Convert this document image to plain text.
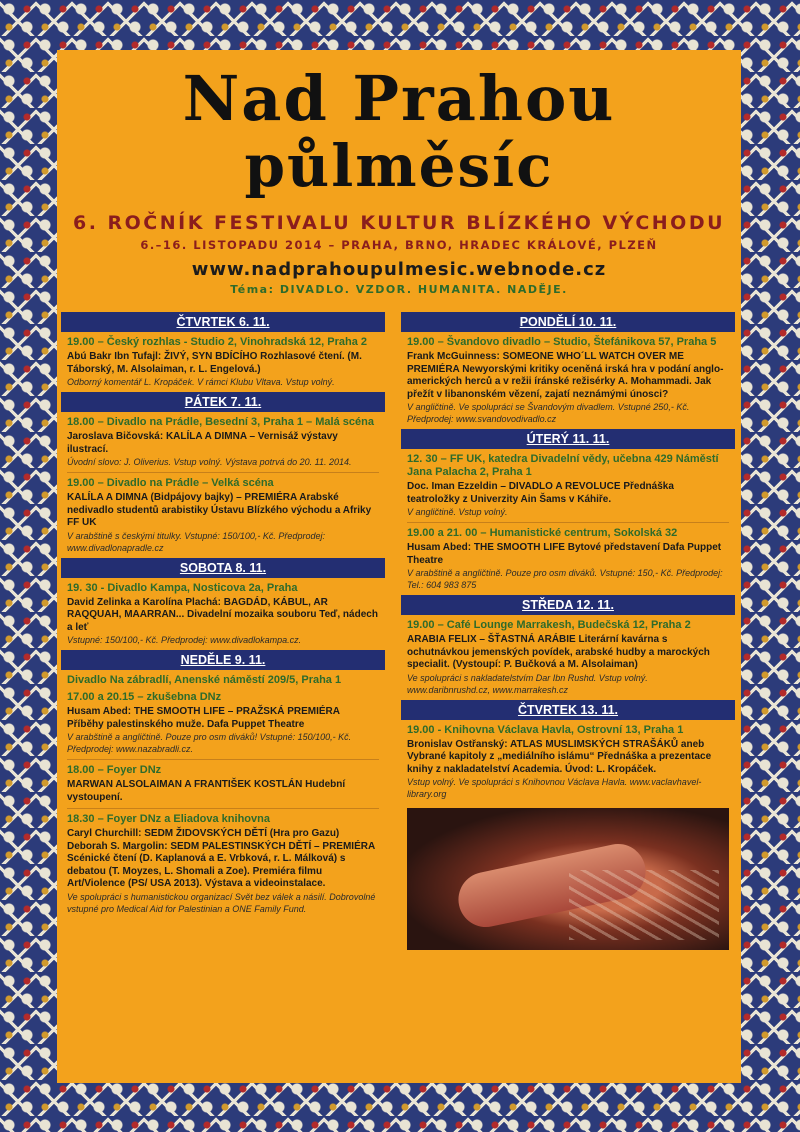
Nad Prahou
půlměsíc
6. ROČNÍK FESTIVALU KULTUR BLÍZKÉHO VÝCHODU
6.–16. LISTOPADU 2014 – PRAHA, BRNO, HRADEC KRÁLOVÉ, PLZEŇ
www.nadprahoupulmesic.webnode.cz
Téma: DIVADLO. VZDOR. HUMANITA. NADĚJE.
ČTVRTEK 6. 11.
19.00 – Český rozhlas - Studio 2, Vinohradská 12, Praha 2
Abú Bakr Ibn Tufajl: ŽIVÝ, SYN BDÍCÍHO Rozhlasové čtení. (M. Táborský, M. Alsolaiman, r. L. Engelová.)
Odborný komentář L. Kropáček. V rámci Klubu Vltava. Vstup volný.
PÁTEK 7. 11.
18.00 – Divadlo na Prádle, Besední 3, Praha 1 – Malá scéna
Jaroslava Bičovská: KALÍLA A DIMNA – Vernisáž výstavy ilustrací.
Úvodní slovo: J. Oliverius. Vstup volný. Výstava potrvá do 20. 11. 2014.
19.00 – Divadlo na Prádle – Velká scéna
KALÍLA A DIMNA (Bidpájovy bajky) – PREMIÉRA Arabské nedivadlo studentů arabistiky Ústavu Blízkého východu a Afriky FF UK
V arabštině s českými titulky. Vstupné: 150/100,- Kč. Předprodej: www.divadlonapradle.cz
SOBOTA 8. 11.
19. 30 - Divadlo Kampa, Nosticova 2a, Praha
David Zelinka a Karolína Plachá: BAGDÁD, KÁBUL, AR RAQQUAH, MAARRAN... Divadelní mozaika souboru Teď, nádech a leť
Vstupné: 150/100,- Kč. Předprodej: www.divadlokampa.cz.
NEDĚLE 9. 11.
Divadlo Na zábradlí, Anenské náměstí 209/5, Praha 1
17.00 a 20.15 – zkušebna DNz
Husam Abed: THE SMOOTH LIFE – PRAŽSKÁ PREMIÉRA Příběhy palestinského muže. Dafa Puppet Theatre
V arabštině a angličtině. Pouze pro osm diváků! Vstupné: 150/100,- Kč. Předprodej: www.nazabradli.cz.
18.00 – Foyer DNz
MARWAN ALSOLAIMAN A FRANTIŠEK KOSTLÁN Hudební vystoupení.
18.30 – Foyer DNz a Eliadova knihovna
Caryl Churchill: SEDM ŽIDOVSKÝCH DĚTÍ (Hra pro Gazu) Deborah S. Margolin: SEDM PALESTINSKÝCH DĚTÍ – PREMIÉRA Scénické čtení (D. Kaplanová a E. Vrbková, r. L. Málková) s debatou (T. Moyzes, L. Shomali a Zoe). Premiéra filmu Art/Violence (PS/ USA 2013). Výstava a videoinstalace.
Ve spolupráci s humanistickou organizací Svět bez válek a násilí. Dobrovolné vstupné pro Medical Aid for Palestinian a ONE Family Fund.
PONDĚLÍ 10. 11.
19.00 – Švandovo divadlo – Studio, Štefánikova 57, Praha 5
Frank McGuinness: SOMEONE WHO´LL WATCH OVER ME PREMIÉRA Newyorskými kritiky oceněná irská hra v podání anglo-amerických herců a v režii íránské režisérky A. Mohammadi. Jak přežít v libanonském vězení, zajatí neznámými únosci?
V angličtině. Ve spolupráci se Švandovým divadlem. Vstupné 250,- Kč. Předprodej: www.svandovodivadlo.cz
ÚTERÝ 11. 11.
12. 30 – FF UK, katedra Divadelní vědy, učebna 429 Náměstí Jana Palacha 2, Praha 1
Doc. Iman Ezzeldin – DIVADLO A REVOLUCE Přednáška teatroložky z Univerzity Ain Šams v Káhiře.
V angličtině. Vstup volný.
19.00 a 21. 00 – Humanistické centrum, Sokolská 32
Husam Abed: THE SMOOTH LIFE Bytové představení Dafa Puppet Theatre
V arabštině a angličtině. Pouze pro osm diváků. Vstupné: 150,- Kč. Předprodej: Tel.: 604 983 875
STŘEDA 12. 11.
19.00 – Café Lounge Marrakesh, Budečská 12, Praha 2
ARABIA FELIX – ŠŤASTNÁ ARÁBIE Literární kavárna s ochutnávkou jemenských povídek, arabské hudby a marockých specialit. (Vystoupí: P. Bučková a M. Alsolaiman)
Ve spolupráci s nakladatelstvím Dar Ibn Rushd. Vstup volný. www.daribnrushd.cz, www.marrakesh.cz
ČTVRTEK 13. 11.
19.00 - Knihovna Václava Havla, Ostrovní 13, Praha 1
Bronislav Ostřanský: ATLAS MUSLIMSKÝCH STRAŠÁKŮ aneb Vybrané kapitoly z „mediálního islámu“ Přednáška a prezentace knihy z nakladatelství Academia. Úvod: L. Kropáček.
Vstup volný. Ve spolupráci s Knihovnou Václava Havla. www.vaclavhavel-library.org
